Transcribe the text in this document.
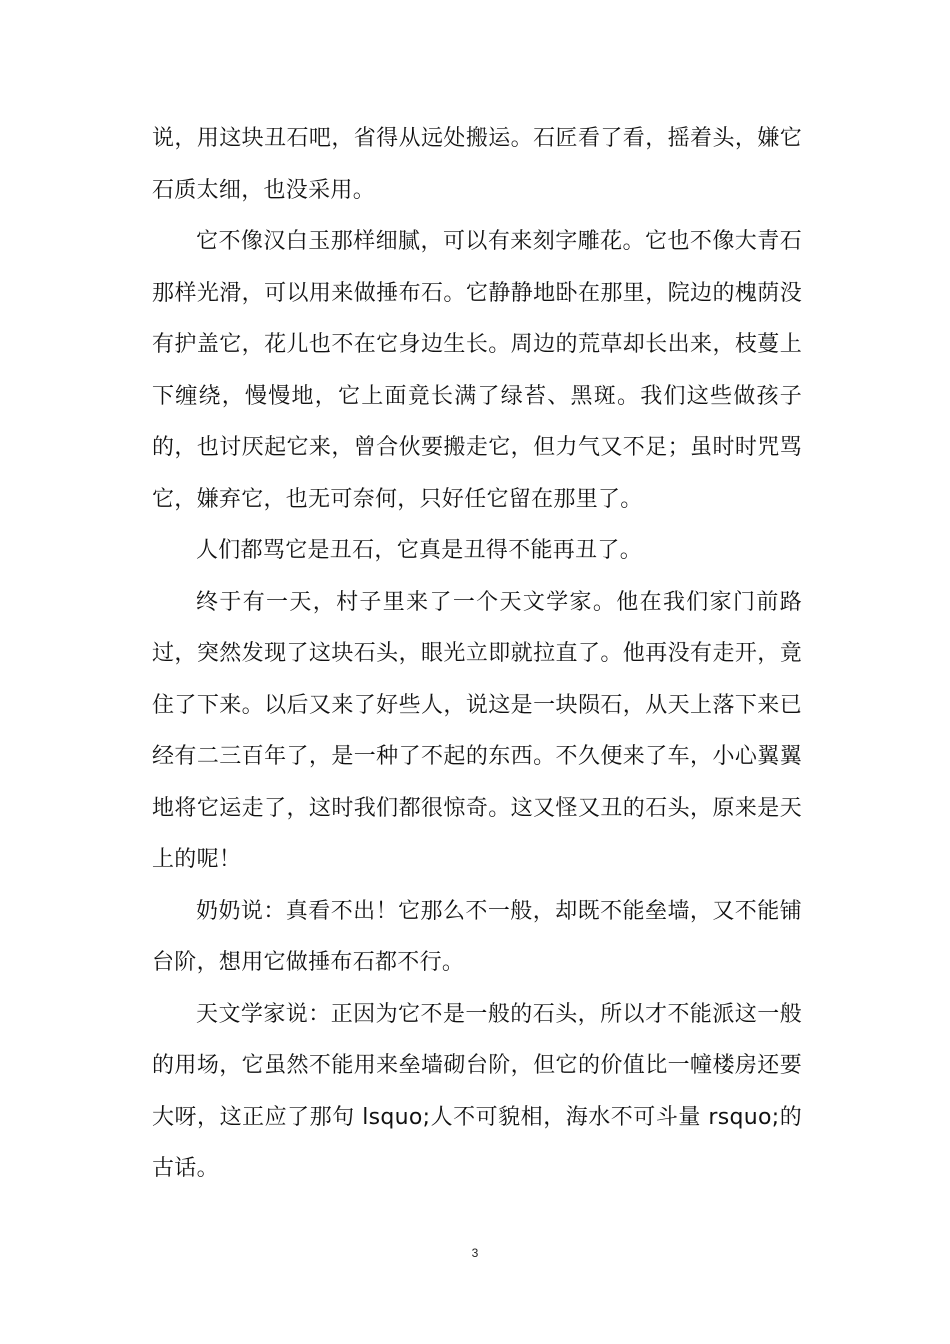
说，用这块丑石吧，省得从远处搬运。石匠看了看，摇着头，嫌它石质太细，也没采用。

它不像汉白玉那样细腻，可以有来刻字雕花。它也不像大青石那样光滑，可以用来做捶布石。它静静地卧在那里，院边的槐荫没有护盖它，花儿也不在它身边生长。周边的荒草却长出来，枝蔓上下缠绕，慢慢地，它上面竟长满了绿苔、黑斑。我们这些做孩子的，也讨厌起它来，曾合伙要搬走它，但力气又不足；虽时时咒骂它，嫌弃它，也无可奈何，只好任它留在那里了。

人们都骂它是丑石，它真是丑得不能再丑了。

终于有一天，村子里来了一个天文学家。他在我们家门前路过，突然发现了这块石头，眼光立即就拉直了。他再没有走开，竟住了下来。以后又来了好些人，说这是一块陨石，从天上落下来已经有二三百年了，是一种了不起的东西。不久便来了车，小心翼翼地将它运走了，这时我们都很惊奇。这又怪又丑的石头，原来是天上的呢！

奶奶说：真看不出！它那么不一般，却既不能垒墙，又不能铺台阶，想用它做捶布石都不行。

天文学家说：正因为它不是一般的石头，所以才不能派这一般的用场，它虽然不能用来垒墙砌台阶，但它的价值比一幢楼房还要大呀，这正应了那句 lsquo;人不可貌相，海水不可斗量 rsquo;的古话。

3
